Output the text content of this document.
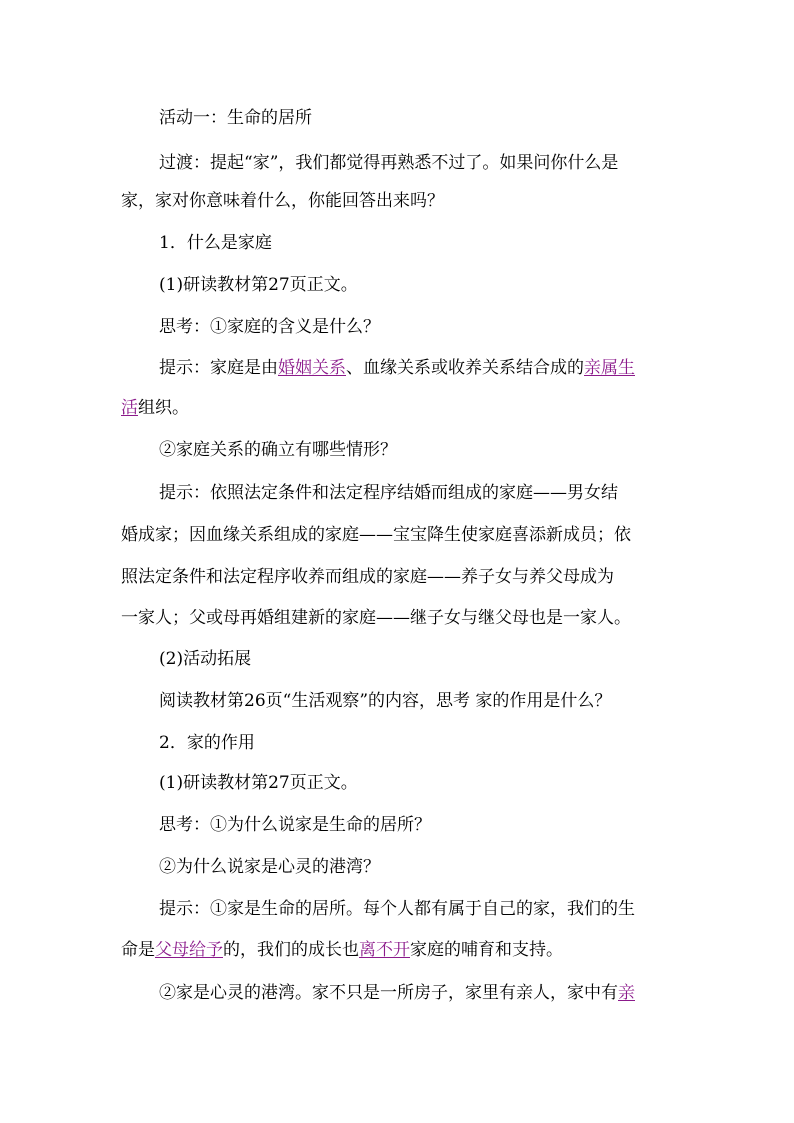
活动一：生命的居所
过渡：提起“家”，我们都觉得再熟悉不过了。如果问你什么是
家，家对你意味着什么，你能回答出来吗？
1．什么是家庭
(1)研读教材第27页正文。
思考：①家庭的含义是什么？
提示：家庭是由婚姻关系、血缘关系或收养关系结合成的亲属生
活组织。
②家庭关系的确立有哪些情形？
提示：依照法定条件和法定程序结婚而组成的家庭——男女结
婚成家；因血缘关系组成的家庭——宝宝降生使家庭喜添新成员；依
照法定条件和法定程序收养而组成的家庭——养子女与养父母成为
一家人；父或母再婚组建新的家庭——继子女与继父母也是一家人。
(2)活动拓展
阅读教材第26页“生活观察”的内容，思考 家的作用是什么？
2．家的作用
(1)研读教材第27页正文。
思考：①为什么说家是生命的居所？
②为什么说家是心灵的港湾？
提示：①家是生命的居所。每个人都有属于自己的家，我们的生
命是父母给予的，我们的成长也离不开家庭的哺育和支持。
②家是心灵的港湾。家不只是一所房子，家里有亲人，家中有亲
